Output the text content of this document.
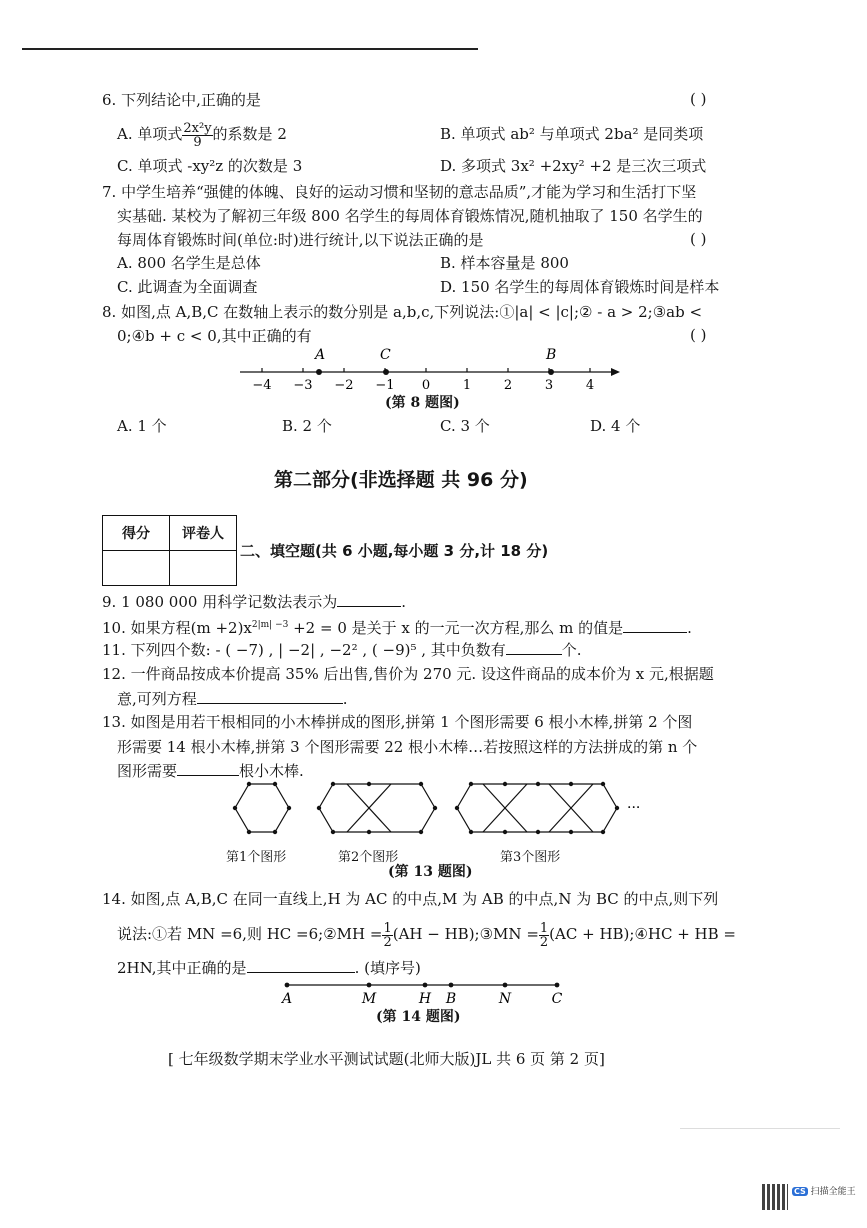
6. 下列结论中,正确的是	( )
A. 单项式 $\frac{\text{2x²y}}{9}$ 的系数是 2	B. 单项式 ab² 与单项式 2ba² 是同类项
C. 单项式 -xy²z 的次数是 3	D. 多项式 3x² +2xy² +2 是三次三项式
7. 中学生培养“强健的体魄、良好的运动习惯和坚韧的意志品质”,才能为学习和生活打下坚
实基础. 某校为了解初三年级 800 名学生的每周体育锻炼情况,随机抽取了 150 名学生的
每周体育锻炼时间(单位:时)进行统计,以下说法正确的是	( )
A. 800 名学生是总体	B. 样本容量是 800
C. 此调查为全面调查	D. 150 名学生的每周体育锻炼时间是样本
8. 如图,点 A,B,C 在数轴上表示的数分别是 a,b,c,下列说法:①|a| < |c|;② - a > 2;③ab <
0;④b + c < 0,其中正确的有	( )
−4 −3 −2 −1 0	1	2	3	4
A	C	B
(第 8 题图)
A. 1 个	B. 2 个	C. 3 个	D. 4 个
第二部分(非选择题 共 96 分)
得分	评卷人

二、填空题(共 6 小题,每小题 3 分,计 18 分)
9. 1 080 000 用科学记数法表示为	.
10. 如果方程$(m +2)x^{2|m| -3} +2 = 0$ 是关于 x 的一元一次方程,那么 m 的值是	.
11. 下列四个数: - ( −7) , | −2| , −2² , ( −9)⁵ , 其中负数有	个.
12. 一件商品按成本价提高 35% 后出售,售价为 270 元. 设这件商品的成本价为 x 元,根据题
意,可列方程	.
13. 如图是用若干根相同的小木棒拼成的图形,拼第 1 个图形需要 6 根小木棒,拼第 2 个图
形需要 14 根小木棒,拼第 3 个图形需要 22 根小木棒…若按照这样的方法拼成的第 n 个
图形需要	根小木棒.
···
第1个图形	第2个图形	第3个图形
(第 13 题图)
14. 如图,点 A,B,C 在同一直线上,H 为 AC 的中点,M 为 AB 的中点,N 为 BC 的中点,则下列
说法:①若 MN =6,则 HC =6;②MH = $\frac{1}{2} (AH$ − HB);③MN = $\frac{1}{2} (AC$ + HB);④HC + HB =
2HN,其中正确的是	. (填序号)
A	M	H B	N	C
(第 14 题图)
[ 七年级数学期末学业水平测试试题(北师大版)JL 共 6 页 第 2 页]
CS 扫描全能王
